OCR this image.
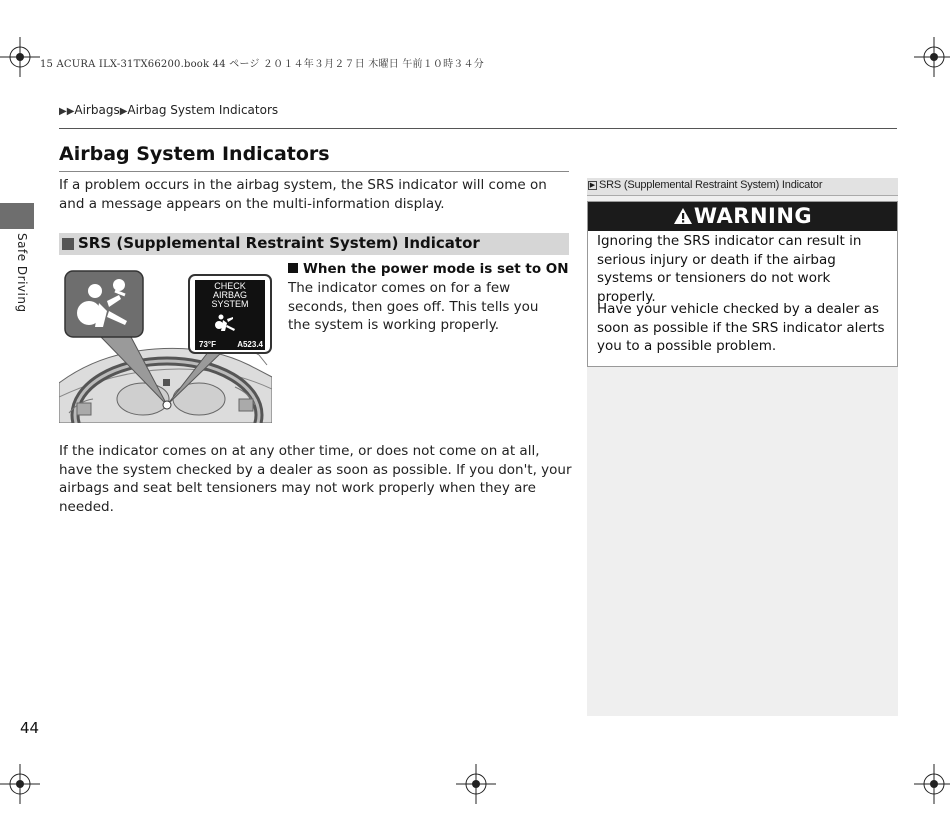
15 ACURA ILX-31TX66200.book 44 ページ ２０１４年３月２７日 木曜日 午前１０時３４分
▶▶Airbags▶Airbag System Indicators
Airbag System Indicators
Safe Driving
If a problem occurs in the airbag system, the SRS indicator will come on and a message appears on the multi-information display.
SRS (Supplemental Restraint System) Indicator
CHECK
AIRBAG
SYSTEM
73°F	A523.4
When the power mode is set to ON
The indicator comes on for a few seconds, then goes off. This tells you the system is working properly.
If the indicator comes on at any other time, or does not come on at all, have the system checked by a dealer as soon as possible. If you don't, your airbags and seat belt tensioners may not work properly when they are needed.
▶ SRS (Supplemental Restraint System) Indicator
WARNING
Ignoring the SRS indicator can result in serious injury or death if the airbag systems or tensioners do not work properly.
Have your vehicle checked by a dealer as soon as possible if the SRS indicator alerts you to a possible problem.
44
